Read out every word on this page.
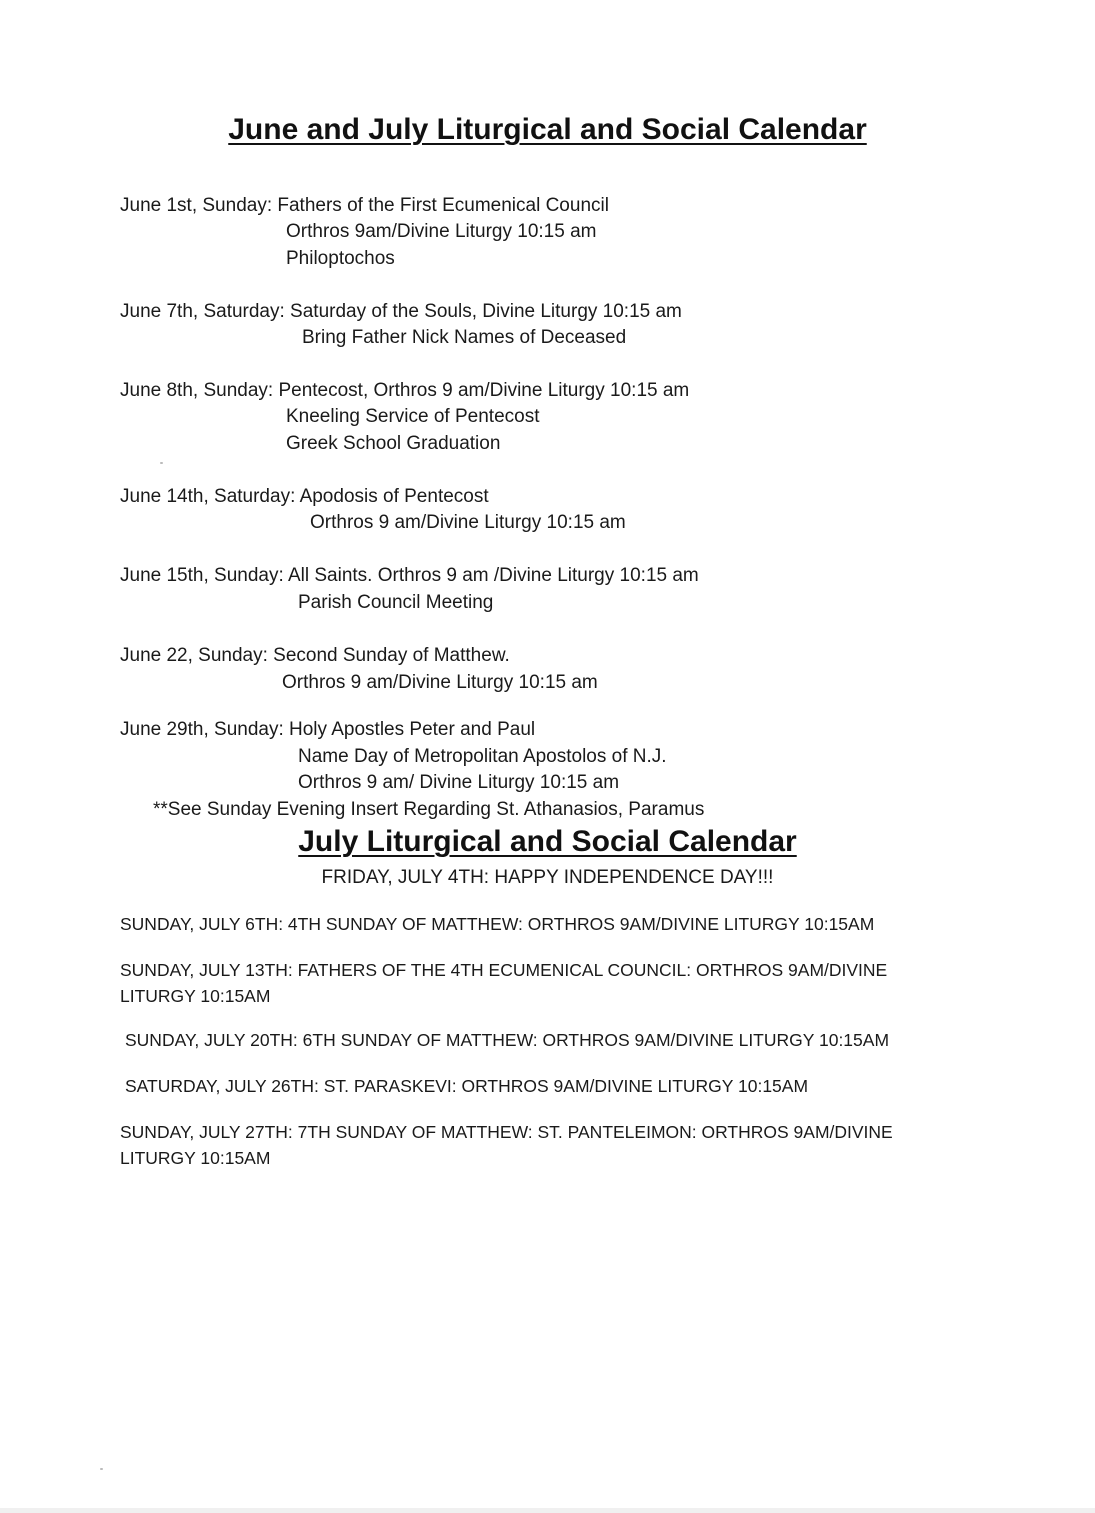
June and July Liturgical and Social Calendar
June 1st, Sunday: Fathers of the First Ecumenical Council
Orthros 9am/Divine Liturgy 10:15 am
Philoptochos
June 7th, Saturday: Saturday of the Souls, Divine Liturgy 10:15 am
Bring Father Nick Names of Deceased
June 8th, Sunday: Pentecost, Orthros 9 am/Divine Liturgy 10:15 am
Kneeling Service of Pentecost
Greek School Graduation
June 14th, Saturday: Apodosis of Pentecost
Orthros 9 am/Divine Liturgy 10:15 am
June 15th, Sunday: All Saints. Orthros 9 am /Divine Liturgy 10:15 am
Parish Council Meeting
June 22, Sunday: Second Sunday of Matthew.
Orthros 9 am/Divine Liturgy 10:15 am
June 29th, Sunday: Holy Apostles Peter and Paul
Name Day of Metropolitan Apostolos of N.J.
Orthros 9 am/ Divine Liturgy 10:15 am
**See Sunday Evening Insert Regarding St. Athanasios, Paramus
July Liturgical and Social Calendar
FRIDAY, JULY 4TH: HAPPY INDEPENDENCE DAY!!!
SUNDAY, JULY 6TH: 4TH SUNDAY OF MATTHEW: ORTHROS 9AM/DIVINE LITURGY 10:15AM
SUNDAY, JULY 13TH: FATHERS OF THE 4TH ECUMENICAL COUNCIL: ORTHROS 9AM/DIVINE LITURGY 10:15AM
SUNDAY, JULY 20TH: 6TH SUNDAY OF MATTHEW: ORTHROS 9AM/DIVINE LITURGY 10:15AM
SATURDAY, JULY 26TH: ST. PARASKEVI: ORTHROS 9AM/DIVINE LITURGY 10:15AM
SUNDAY, JULY 27TH: 7TH SUNDAY OF MATTHEW: ST. PANTELEIMON: ORTHROS 9AM/DIVINE LITURGY 10:15AM
